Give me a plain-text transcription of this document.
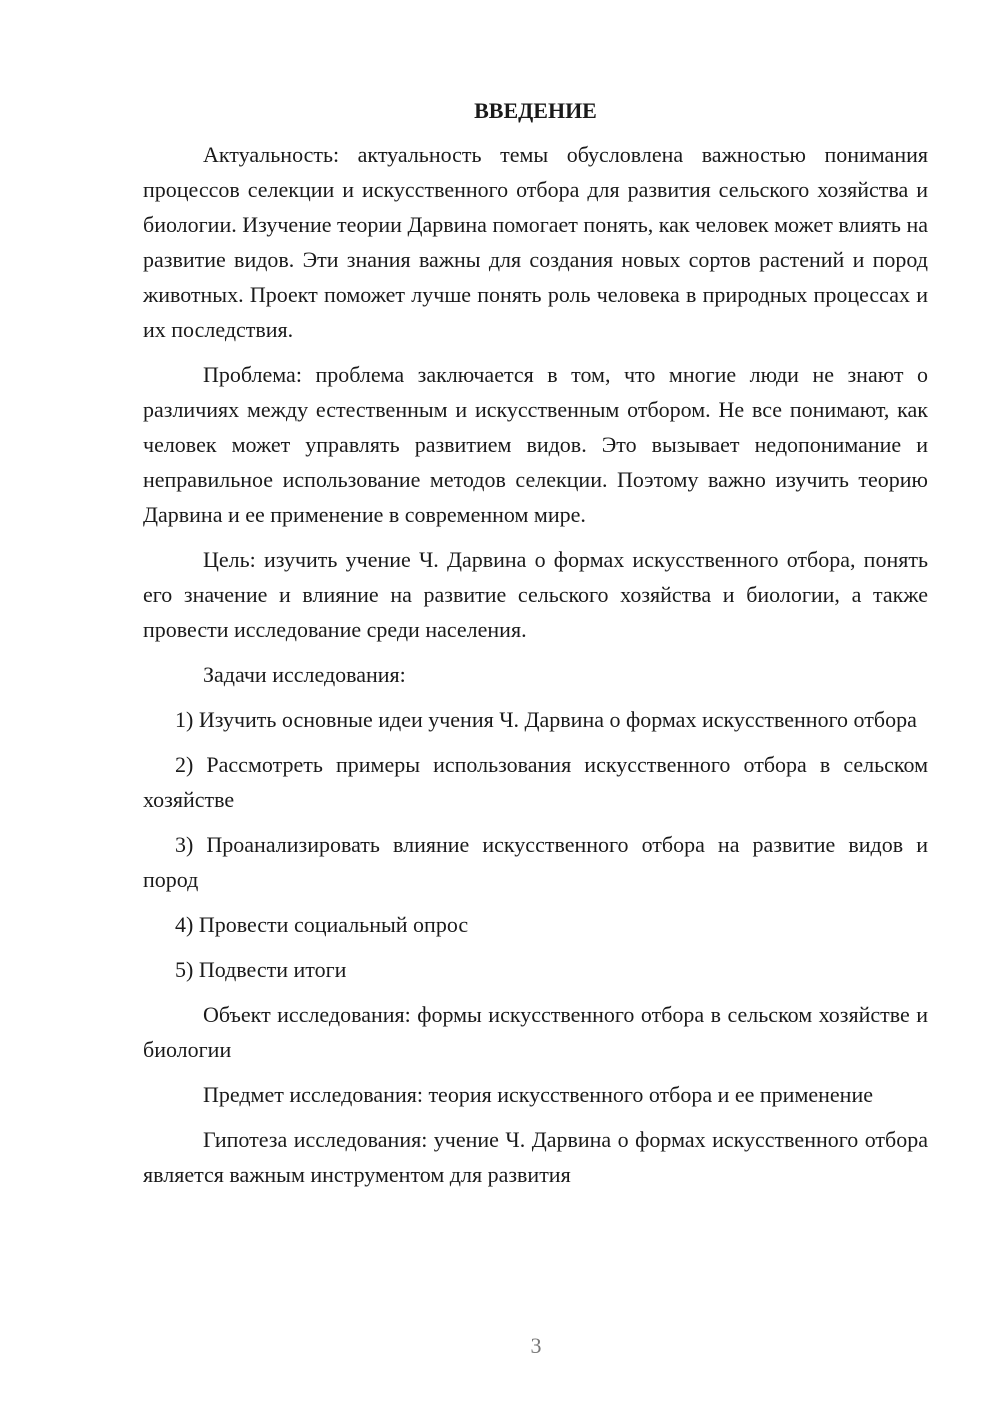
ВВЕДЕНИЕ

Актуальность: актуальность темы обусловлена важностью понимания процессов селекции и искусственного отбора для развития сельского хозяйства и биологии. Изучение теории Дарвина помогает понять, как человек может влиять на развитие видов. Эти знания важны для создания новых сортов растений и пород животных. Проект поможет лучше понять роль человека в природных процессах и их последствия.

Проблема: проблема заключается в том, что многие люди не знают о различиях между естественным и искусственным отбором. Не все понимают, как человек может управлять развитием видов. Это вызывает недопонимание и неправильное использование методов селекции. Поэтому важно изучить теорию Дарвина и ее применение в современном мире.

Цель: изучить учение Ч. Дарвина о формах искусственного отбора, понять его значение и влияние на развитие сельского хозяйства и биологии, а также провести исследование среди населения.

Задачи исследования:

1) Изучить основные идеи учения Ч. Дарвина о формах искусственного отбора

2) Рассмотреть примеры использования искусственного отбора в сельском хозяйстве

3) Проанализировать влияние искусственного отбора на развитие видов и пород

4) Провести социальный опрос

5) Подвести итоги

Объект исследования: формы искусственного отбора в сельском хозяйстве и биологии

Предмет исследования: теория искусственного отбора и ее применение

Гипотеза исследования: учение Ч. Дарвина о формах искусственного отбора является важным инструментом для развития

3
